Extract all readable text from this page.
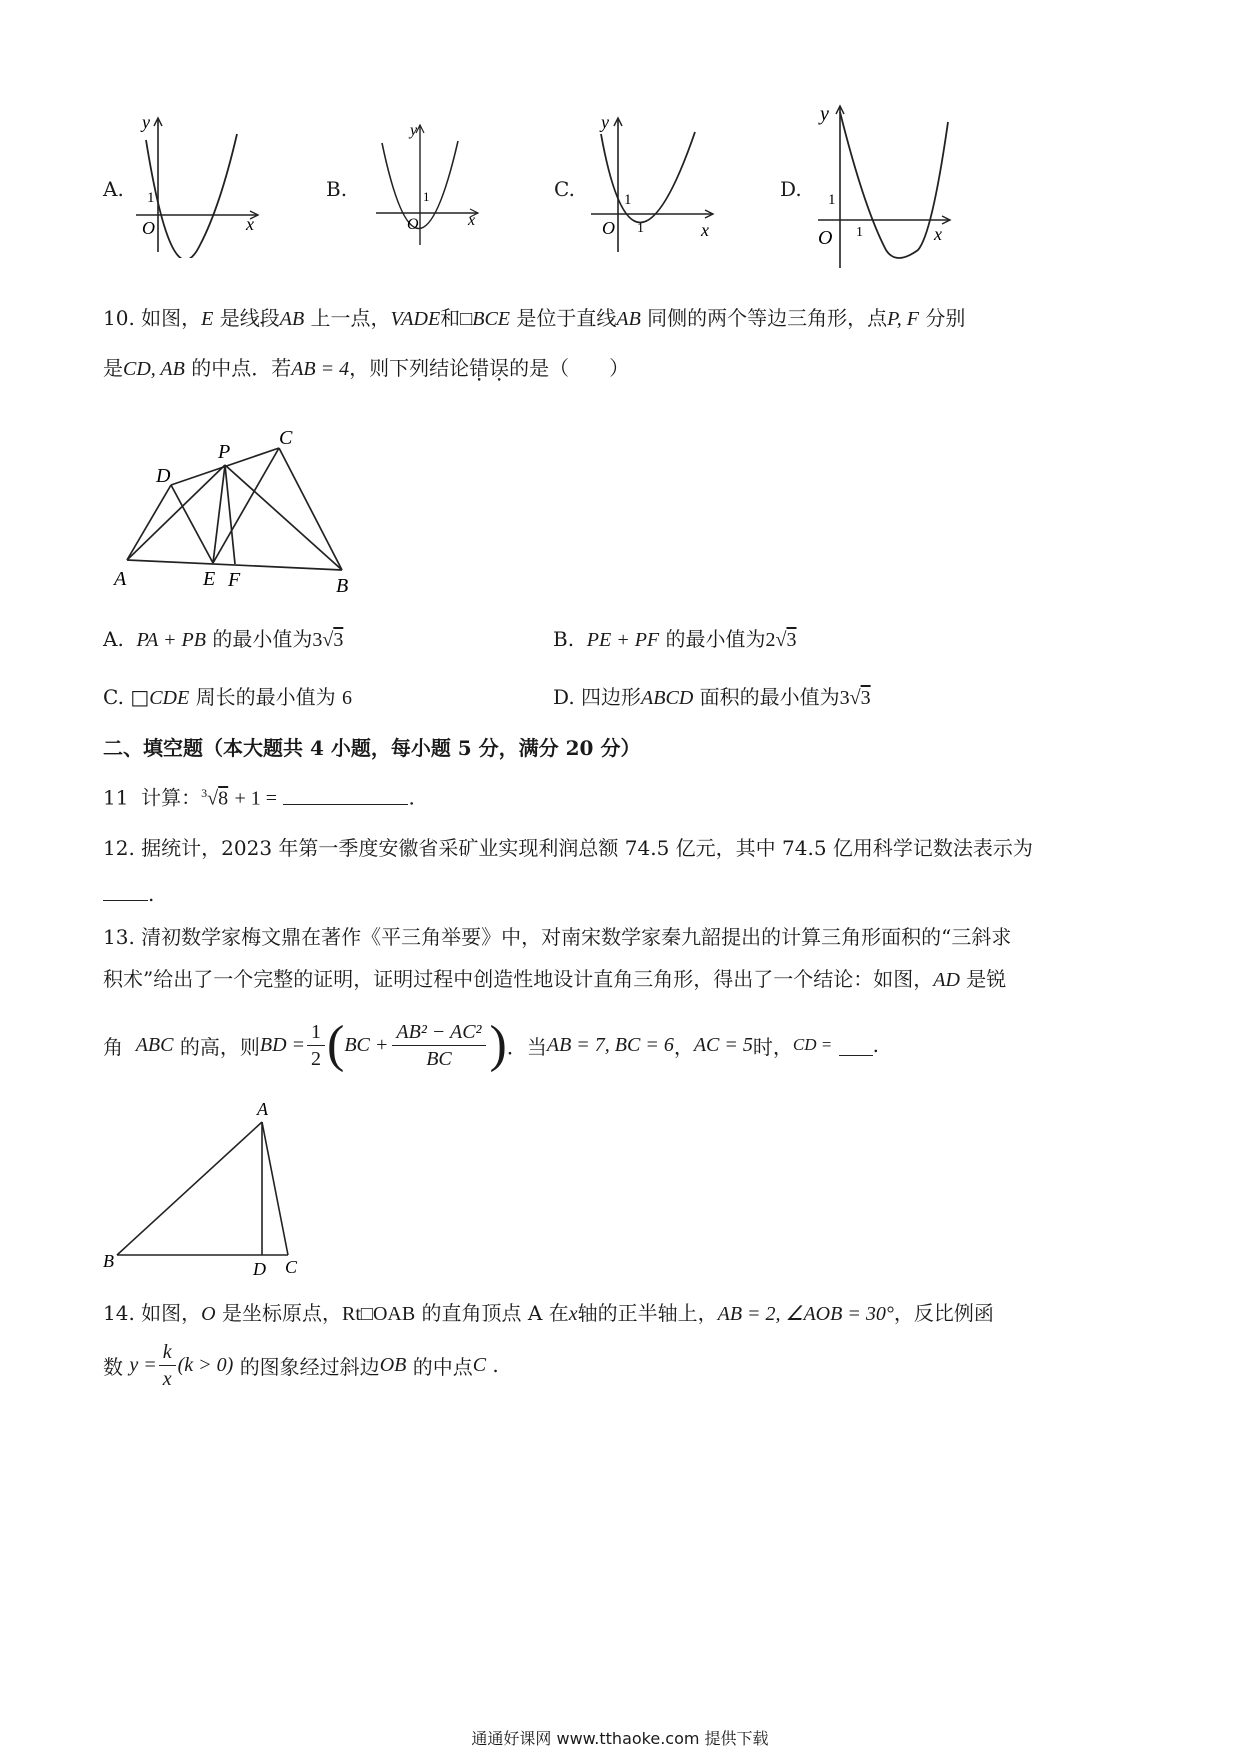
A.
y
x
O
1	B.
y
x
O
1	C.
y
x
O
1
1
D.
y
x
O
1
1
10. 如图，E 是线段AB 上一点，VADE和□BCE 是位于直线AB 同侧的两个等边三角形，点P, F 分别
是CD, AB 的中点．若AB = 4，则下列结论错误的是（　　）
A	B
C
D
E F
P
A. PA + PB 的最小值为3√3	B. PE + PF 的最小值为2√3
C. □CDE 周长的最小值为 6	D. 四边形ABCD 面积的最小值为3√3
二、填空题（本大题共 4 小题，每小题 5 分，满分 20 分）
11 计算：$^3$√8 + 1 =	.
12. 据统计，2023 年第一季度安徽省采矿业实现利润总额 74.5 亿元，其中 74.5 亿用科学记数法表示为
.
13. 清初数学家梅文鼎在著作《平三角举要》中，对南宋数学家秦九韶提出的计算三角形面积的“三斜求
积术”给出了一个完整的证明，证明过程中创造性地设计直角三角形，得出了一个结论：如图，AD 是锐
角
ABC
的高，则 BD = $\frac{1}{2}$ ( BC + $\frac{\text{AB² − AC²}}{BC}$ ) ．当 AB = 7, BC = 6 ， AC = 5 时， CD =
.
A
B	C
D
14. 如图，O 是坐标原点，Rt□OAB 的直角顶点 A 在x轴的正半轴上，AB = 2, ∠AOB = 30°，反比例函
数
$y = \frac{k}{x} (k > 0)$
的图象经过斜边 OB
的中点 C
.
通通好课网 www.tthaoke.com 提供下载
